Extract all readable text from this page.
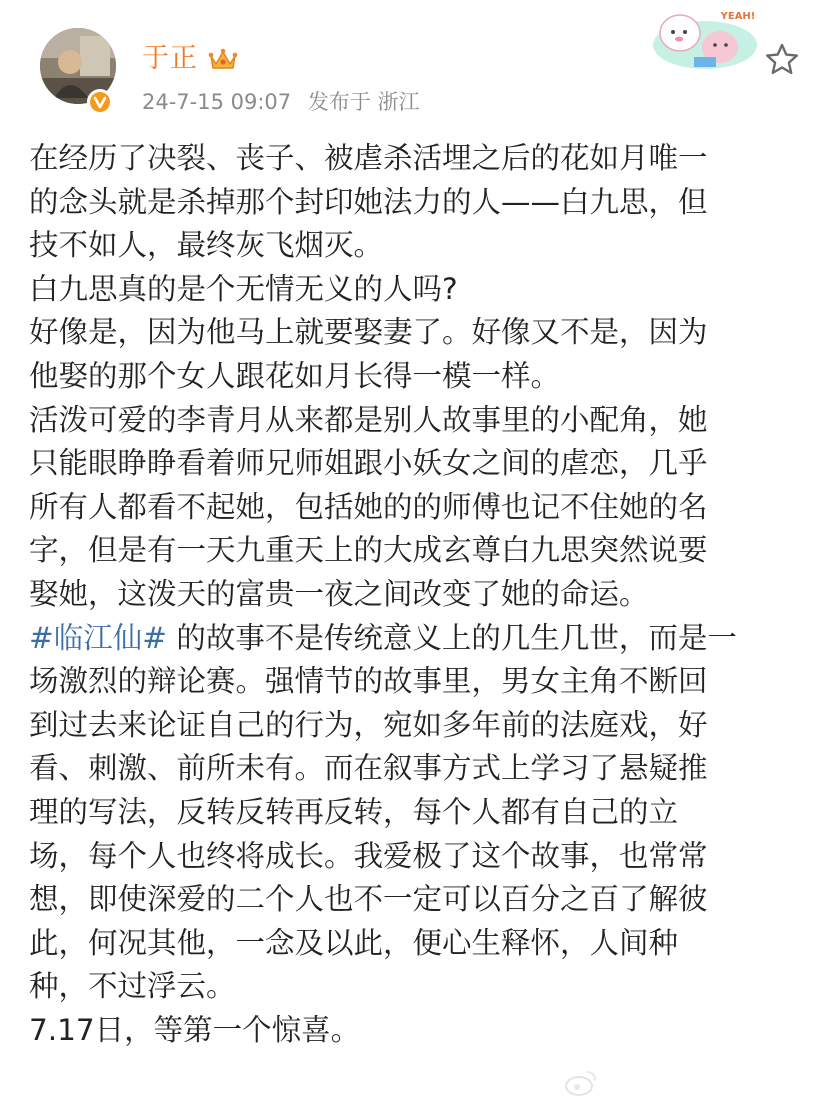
于正
24-7-15 09:07 发布于 浙江
YEAH!
在经历了决裂、丧子、被虐杀活埋之后的花如月唯一
的念头就是杀掉那个封印她法力的人——白九思，但
技不如人，最终灰飞烟灭。
白九思真的是个无情无义的人吗?
好像是，因为他马上就要娶妻了。好像又不是，因为
他娶的那个女人跟花如月长得一模一样。
活泼可爱的李青月从来都是别人故事里的小配角，她
只能眼睁睁看着师兄师姐跟小妖女之间的虐恋，几乎
所有人都看不起她，包括她的的师傅也记不住她的名
字，但是有一天九重天上的大成玄尊白九思突然说要
娶她，这泼天的富贵一夜之间改变了她的命运。
#临江仙# 的故事不是传统意义上的几生几世，而是一
场激烈的辩论赛。强情节的故事里，男女主角不断回
到过去来论证自己的行为，宛如多年前的法庭戏，好
看、刺激、前所未有。而在叙事方式上学习了悬疑推
理的写法，反转反转再反转，每个人都有自己的立
场，每个人也终将成长。我爱极了这个故事，也常常
想，即使深爱的二个人也不一定可以百分之百了解彼
此，何况其他，一念及以此，便心生释怀，人间种
种，不过浮云。
7.17日，等第一个惊喜。
